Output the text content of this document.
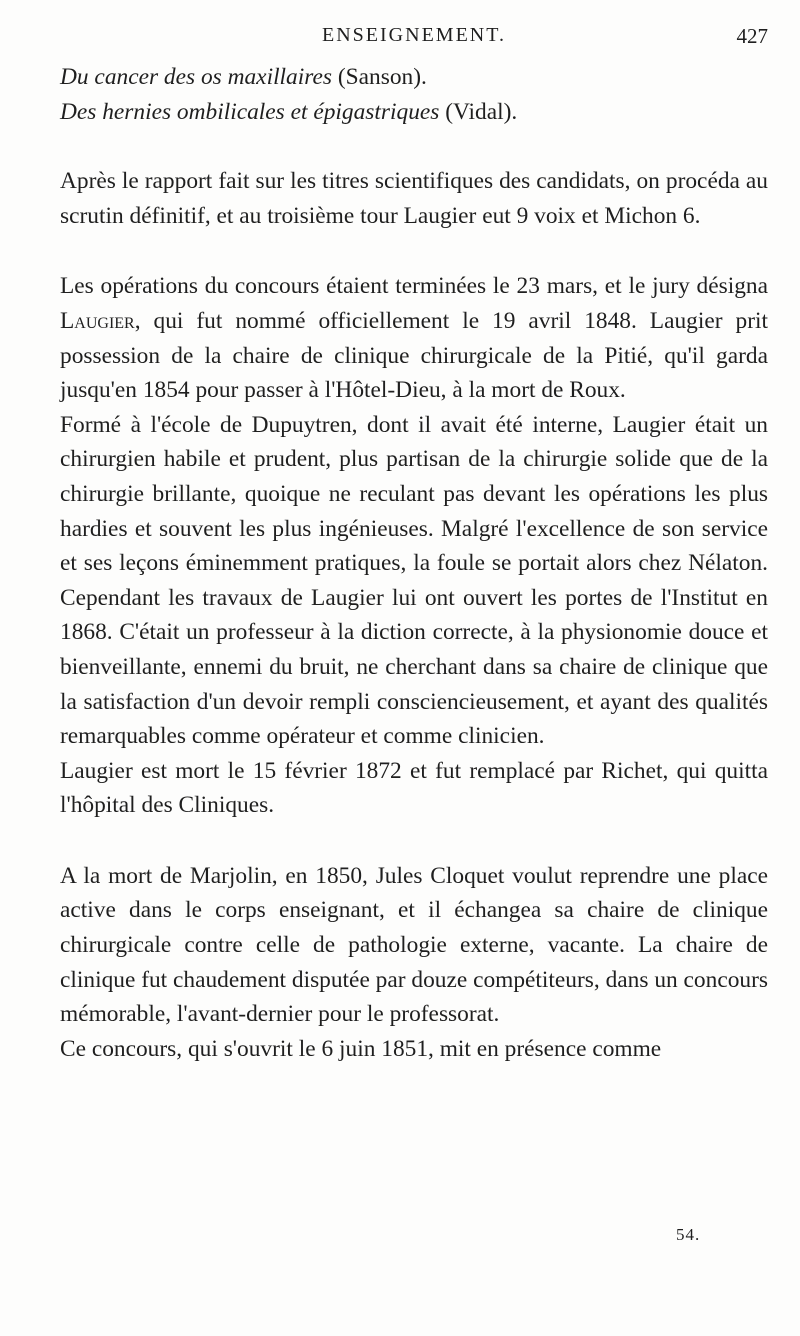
ENSEIGNEMENT.	427
Du cancer des os maxillaires (Sanson).
Des hernies ombilicales et épigastriques (Vidal).

Après le rapport fait sur les titres scientifiques des candidats, on procéda au scrutin définitif, et au troisième tour Laugier eut 9 voix et Michon 6.

Les opérations du concours étaient terminées le 23 mars, et le jury désigna Laugier, qui fut nommé officiellement le 19 avril 1848. Laugier prit possession de la chaire de clinique chirurgicale de la Pitié, qu'il garda jusqu'en 1854 pour passer à l'Hôtel-Dieu, à la mort de Roux.

Formé à l'école de Dupuytren, dont il avait été interne, Laugier était un chirurgien habile et prudent, plus partisan de la chirurgie solide que de la chirurgie brillante, quoique ne reculant pas devant les opérations les plus hardies et souvent les plus ingénieuses. Malgré l'excellence de son service et ses leçons éminemment pratiques, la foule se portait alors chez Nélaton. Cependant les travaux de Laugier lui ont ouvert les portes de l'Institut en 1868. C'était un professeur à la diction correcte, à la physionomie douce et bienveillante, ennemi du bruit, ne cherchant dans sa chaire de clinique que la satisfaction d'un devoir rempli consciencieusement, et ayant des qualités remarquables comme opérateur et comme clinicien.

Laugier est mort le 15 février 1872 et fut remplacé par Richet, qui quitta l'hôpital des Cliniques.

A la mort de Marjolin, en 1850, Jules Cloquet voulut reprendre une place active dans le corps enseignant, et il échangea sa chaire de clinique chirurgicale contre celle de pathologie externe, vacante. La chaire de clinique fut chaudement disputée par douze compétiteurs, dans un concours mémorable, l'avant-dernier pour le professorat.

Ce concours, qui s'ouvrit le 6 juin 1851, mit en présence comme

54.
